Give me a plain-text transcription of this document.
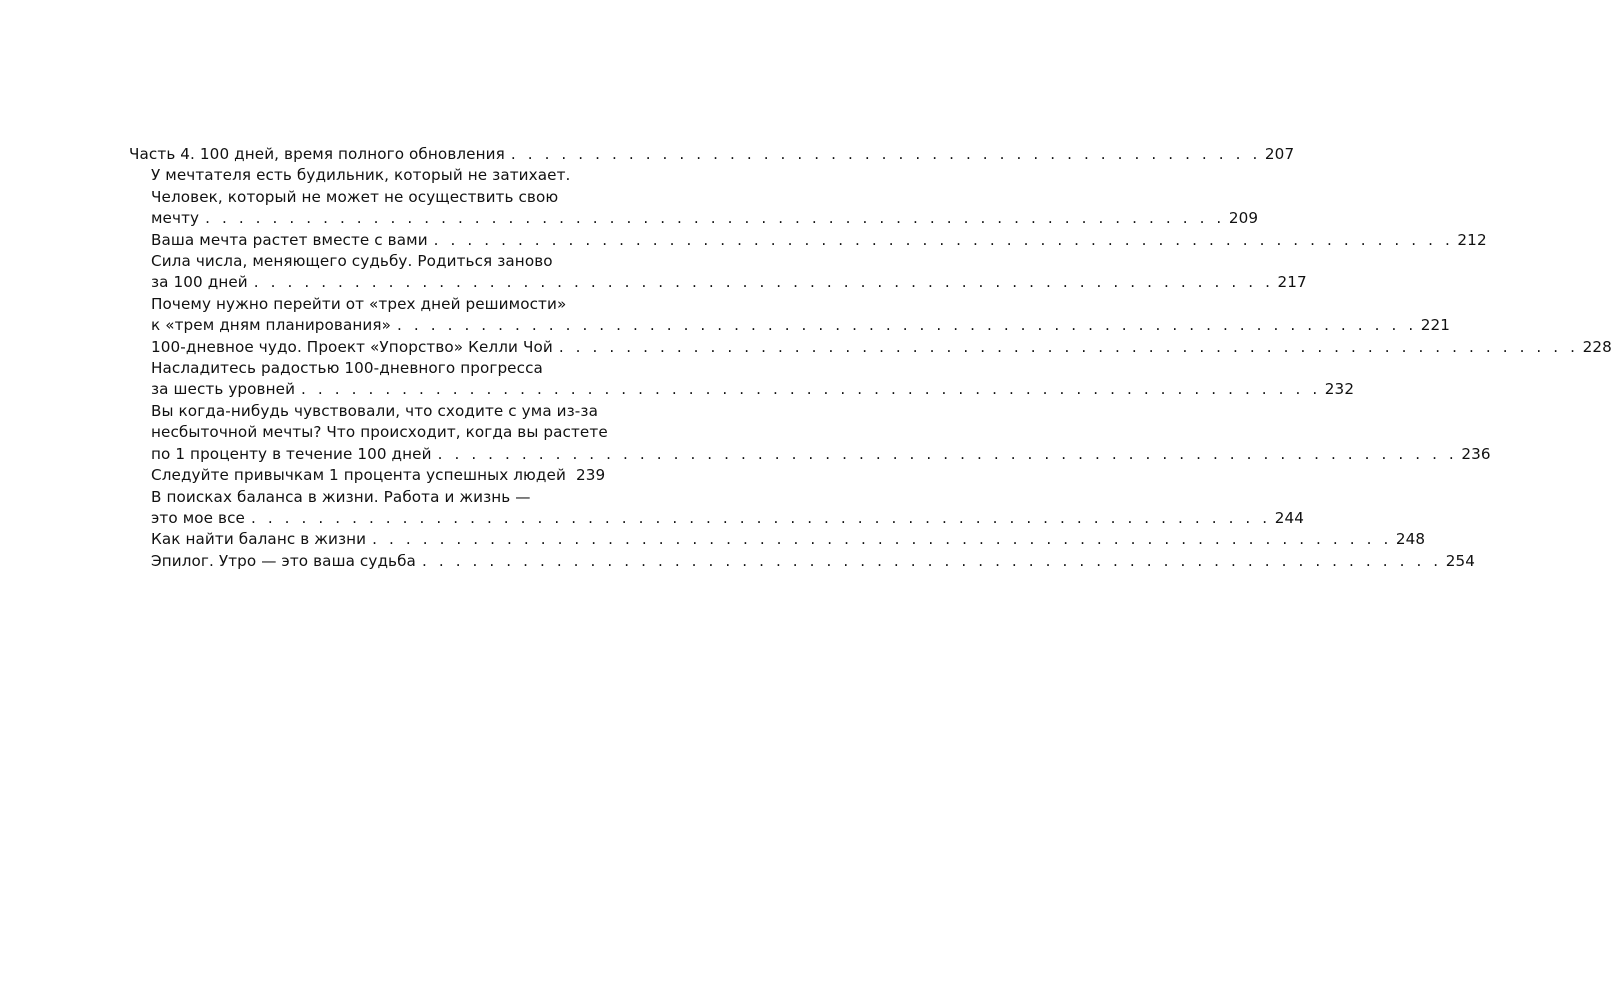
Часть 4. 100 дней, время полного обновления . . . . . . . . . . . . . . . . . . . . . . . . . . . . . . . . . . . . . . . . . . . . . 207
У мечтателя есть будильник, который не затихает.
Человек, который не может не осуществить свою
мечту . . . . . . . . . . . . . . . . . . . . . . . . . . . . . . . . . . . . . . . . . . . . . . . . . . . . . . . . . . . . . 209
Ваша мечта растет вместе с вами . . . . . . . . . . . . . . . . . . . . . . . . . . . . . . . . . . . . . . . . . . . . . . . . . . . . . . . . . . . . . 212
Сила числа, меняющего судьбу. Родиться заново
за 100 дней . . . . . . . . . . . . . . . . . . . . . . . . . . . . . . . . . . . . . . . . . . . . . . . . . . . . . . . . . . . . . 217
Почему нужно перейти от «трех дней решимости»
к «трем дням планирования» . . . . . . . . . . . . . . . . . . . . . . . . . . . . . . . . . . . . . . . . . . . . . . . . . . . . . . . . . . . . . 221
100-дневное чудо. Проект «Упорство» Келли Чой . . . . . . . . . . . . . . . . . . . . . . . . . . . . . . . . . . . . . . . . . . . . . . . . . . . . . . . . . . . . . 228
Насладитесь радостью 100-дневного прогресса
за шесть уровней . . . . . . . . . . . . . . . . . . . . . . . . . . . . . . . . . . . . . . . . . . . . . . . . . . . . . . . . . . . . . 232
Вы когда-нибудь чувствовали, что сходите с ума из-за
несбыточной мечты? Что происходит, когда вы растете
по 1 проценту в течение 100 дней . . . . . . . . . . . . . . . . . . . . . . . . . . . . . . . . . . . . . . . . . . . . . . . . . . . . . . . . . . . . . 236
Следуйте привычкам 1 процента успешных людей 239
В поисках баланса в жизни. Работа и жизнь —
это мое все . . . . . . . . . . . . . . . . . . . . . . . . . . . . . . . . . . . . . . . . . . . . . . . . . . . . . . . . . . . . . 244
Как найти баланс в жизни . . . . . . . . . . . . . . . . . . . . . . . . . . . . . . . . . . . . . . . . . . . . . . . . . . . . . . . . . . . . . 248
Эпилог. Утро — это ваша судьба . . . . . . . . . . . . . . . . . . . . . . . . . . . . . . . . . . . . . . . . . . . . . . . . . . . . . . . . . . . . . 254
